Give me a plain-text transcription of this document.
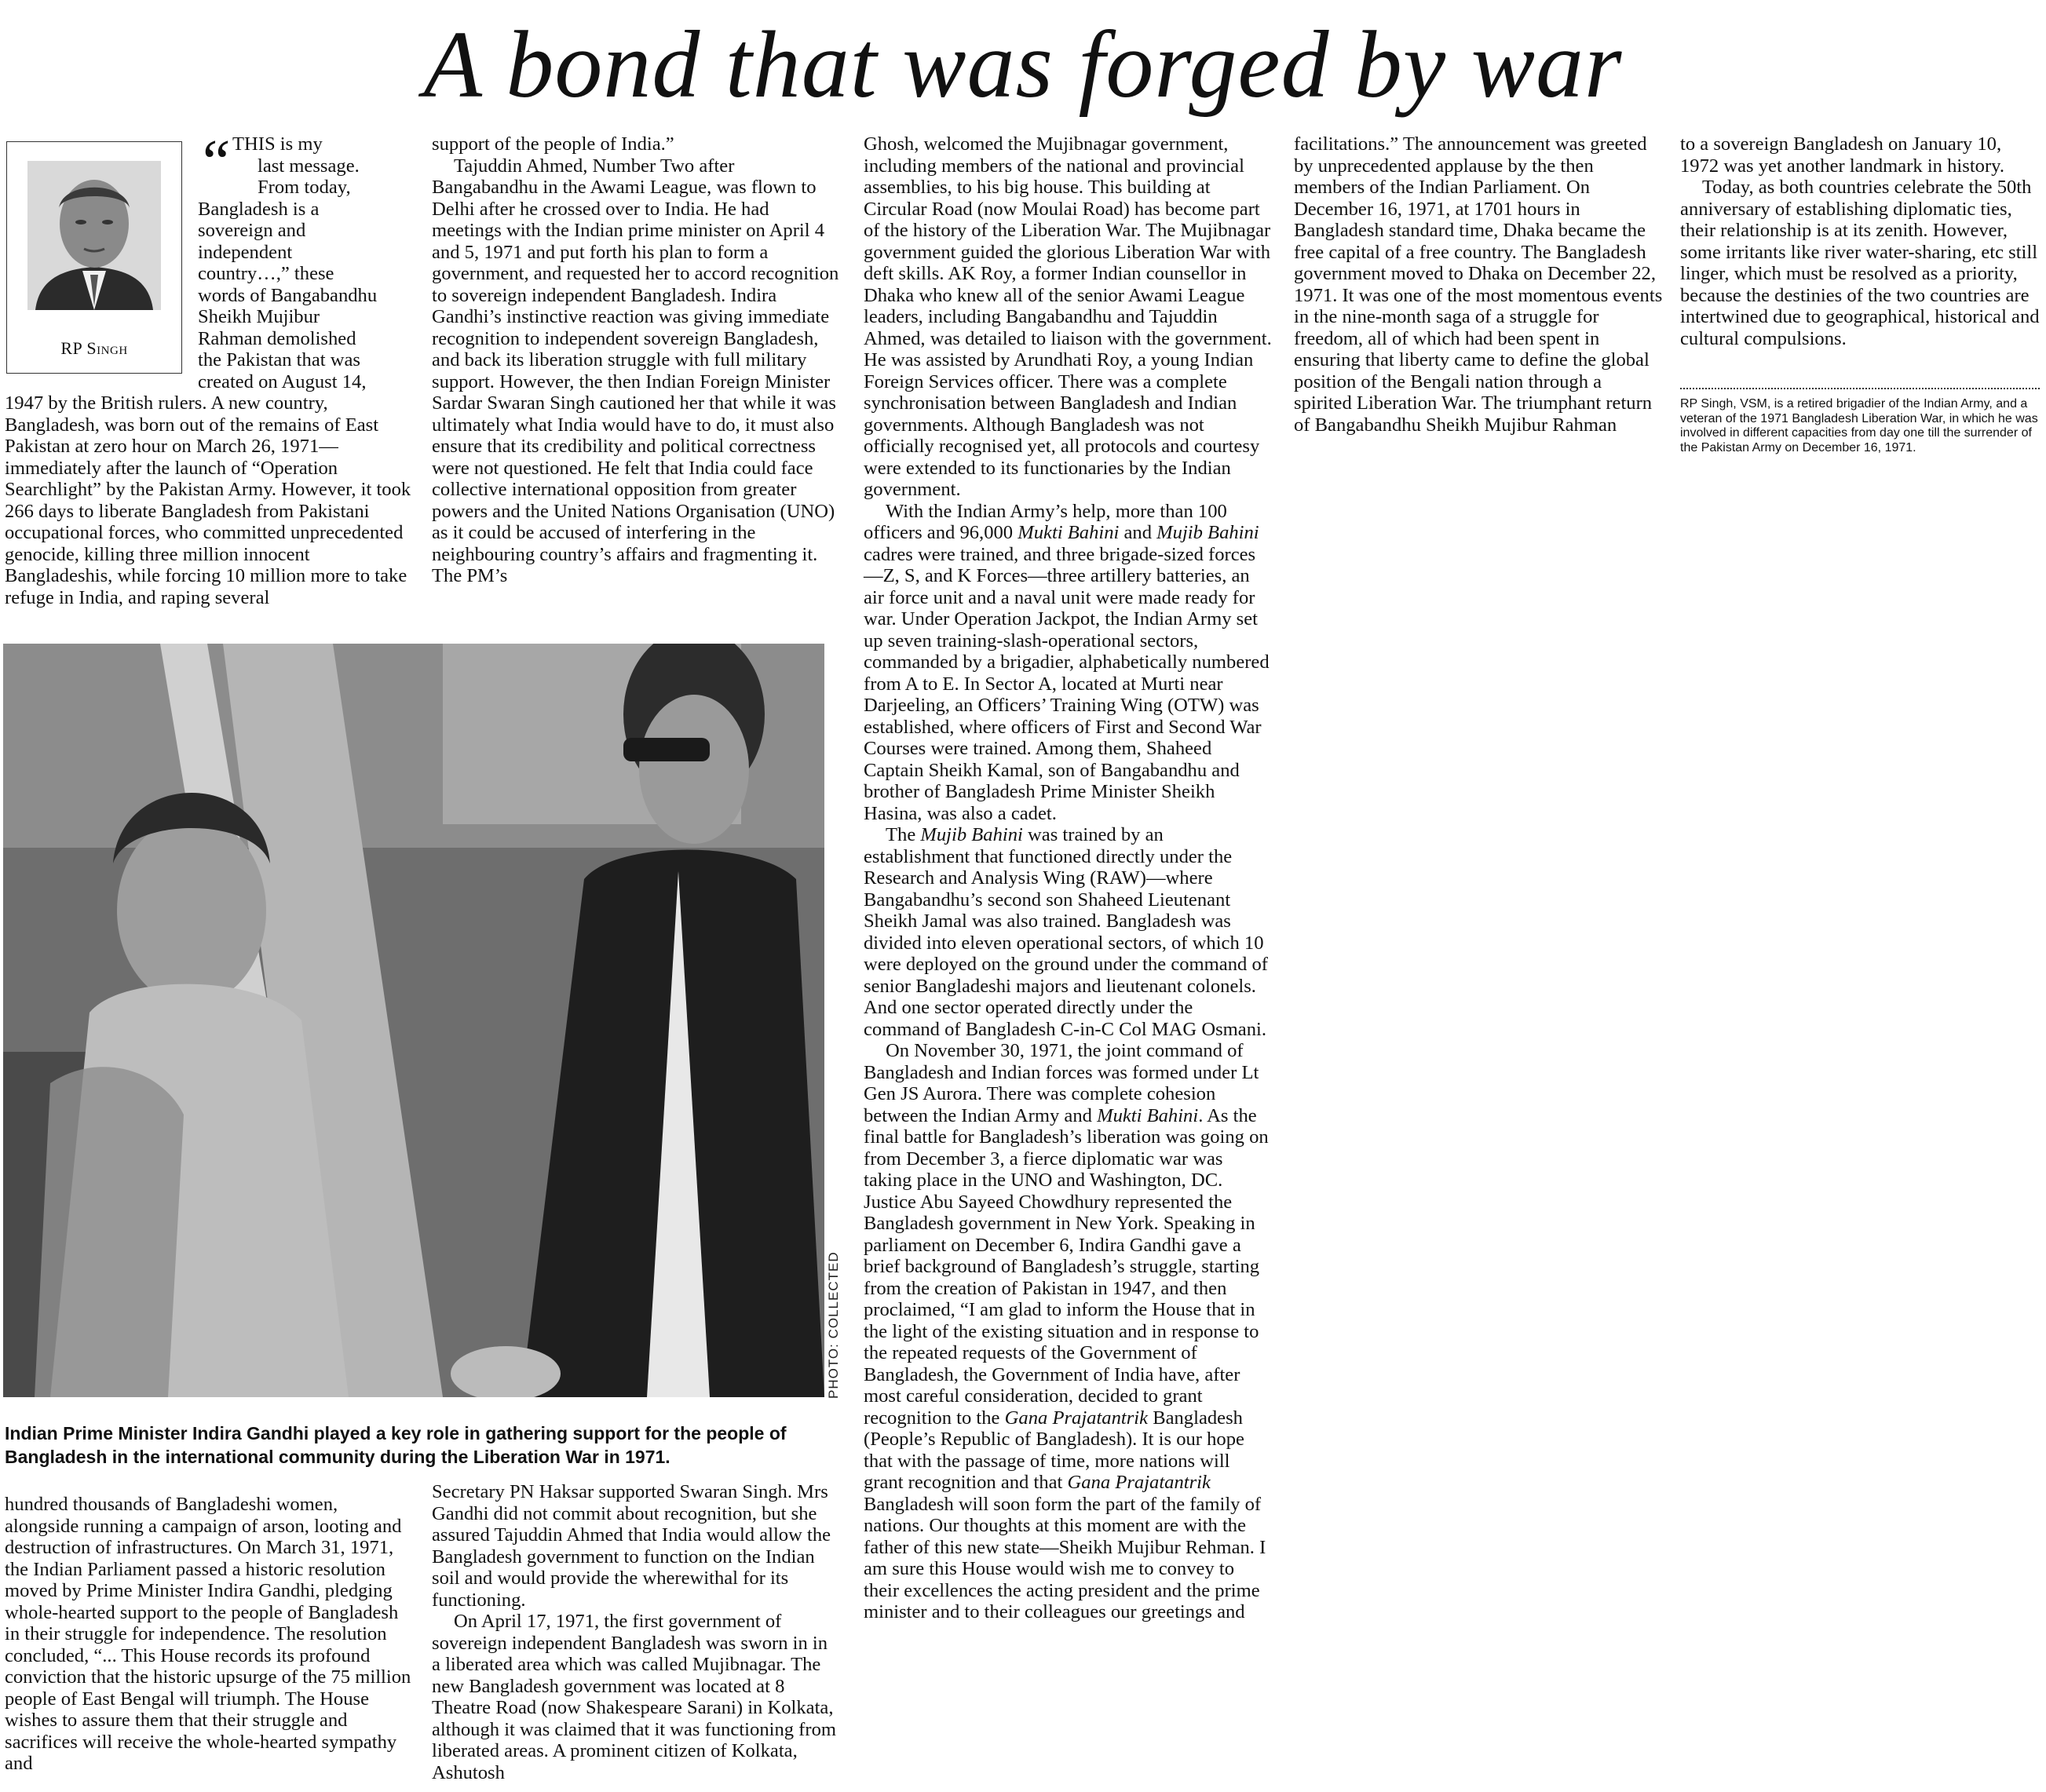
A bond that was forged by war
RP Singh
“ THIS is my

last message.

From today,

Bangladesh is a

sovereign and

independent

country…,” these

words of Bangabandhu

Sheikh Mujibur

Rahman demolished

the Pakistan that was

created on August 14,

1947 by the British rulers. A new country, Bangladesh, was born out of the remains of East Pakistan at zero hour on March 26, 1971—immediately after the launch of “Operation Searchlight” by the Pakistan Army. However, it took 266 days to liberate Bangladesh from Pakistani occupational forces, who committed unprecedented genocide, killing three million innocent Bangladeshis, while forcing 10 million more to take refuge in India, and raping several

support of the people of India.”

Tajuddin Ahmed, Number Two after Bangabandhu in the Awami League, was flown to Delhi after he crossed over to India. He had meetings with the Indian prime minister on April 4 and 5, 1971 and put forth his plan to form a government, and requested her to accord recognition to sovereign independent Bangladesh. Indira Gandhi’s instinctive reaction was giving immediate recognition to independent sovereign Bangladesh, and back its liberation struggle with full military support. However, the then Indian Foreign Minister Sardar Swaran Singh cautioned her that while it was ultimately what India would have to do, it must also ensure that its credibility and political correctness were not questioned. He felt that India could face collective international opposition from greater powers and the United Nations Organisation (UNO) as it could be accused of interfering in the neighbouring country’s affairs and fragmenting it. The PM’s

PHOTO: COLLECTED

Indian Prime Minister Indira Gandhi played a key role in gathering support for the people of Bangladesh in the international community during the Liberation War in 1971.

hundred thousands of Bangladeshi women, alongside running a campaign of arson, looting and destruction of infrastructures. On March 31, 1971, the Indian Parliament passed a historic resolution moved by Prime Minister Indira Gandhi, pledging whole-hearted support to the people of Bangladesh in their struggle for independence. The resolution concluded, “... This House records its profound conviction that the historic upsurge of the 75 million people of East Bengal will triumph. The House wishes to assure them that their struggle and sacrifices will receive the whole-hearted sympathy and

Secretary PN Haksar supported Swaran Singh. Mrs Gandhi did not commit about recognition, but she assured Tajuddin Ahmed that India would allow the Bangladesh government to function on the Indian soil and would provide the wherewithal for its functioning.

On April 17, 1971, the first government of sovereign independent Bangladesh was sworn in in a liberated area which was called Mujibnagar. The new Bangladesh government was located at 8 Theatre Road (now Shakespeare Sarani) in Kolkata, although it was claimed that it was functioning from liberated areas. A prominent citizen of Kolkata, Ashutosh

Ghosh, welcomed the Mujibnagar government, including members of the national and provincial assemblies, to his big house. This building at Circular Road (now Moulai Road) has become part of the history of the Liberation War. The Mujibnagar government guided the glorious Liberation War with deft skills. AK Roy, a former Indian counsellor in Dhaka who knew all of the senior Awami League leaders, including Bangabandhu and Tajuddin Ahmed, was detailed to liaison with the government. He was assisted by Arundhati Roy, a young Indian Foreign Services officer. There was a complete synchronisation between Bangladesh and Indian governments. Although Bangladesh was not officially recognised yet, all protocols and courtesy were extended to its functionaries by the Indian government.

With the Indian Army’s help, more than 100 officers and 96,000 Mukti Bahini and Mujib Bahini cadres were trained, and three brigade-sized forces—Z, S, and K Forces—three artillery batteries, an air force unit and a naval unit were made ready for war. Under Operation Jackpot, the Indian Army set up seven training-slash-operational sectors, commanded by a brigadier, alphabetically numbered from A to E. In Sector A, located at Murti near Darjeeling, an Officers’ Training Wing (OTW) was established, where officers of First and Second War Courses were trained. Among them, Shaheed Captain Sheikh Kamal, son of Bangabandhu and brother of Bangladesh Prime Minister Sheikh Hasina, was also a cadet.

The Mujib Bahini was trained by an establishment that functioned directly under the Research and Analysis Wing (RAW)—where Bangabandhu’s second son Shaheed Lieutenant Sheikh Jamal was also trained. Bangladesh was divided into eleven operational sectors, of which 10 were deployed on the ground under the command of senior Bangladeshi majors and lieutenant colonels. And one sector operated directly under the command of Bangladesh C-in-C Col MAG Osmani.

On November 30, 1971, the joint command of Bangladesh and Indian forces was formed under Lt Gen JS Aurora. There was complete cohesion between the Indian Army and Mukti Bahini. As the final battle for Bangladesh’s liberation was going on from December 3, a fierce diplomatic war was taking place in the UNO and Washington, DC. Justice Abu Sayeed Chowdhury represented the Bangladesh government in New York. Speaking in parliament on December 6, Indira Gandhi gave a brief background of Bangladesh’s struggle, starting from the creation of Pakistan in 1947, and then proclaimed, “I am glad to inform the House that in the light of the existing situation and in response to the repeated requests of the Government of Bangladesh, the Government of India have, after most careful consideration, decided to grant recognition to the Gana Prajatantrik Bangladesh (People’s Republic of Bangladesh). It is our hope that with the passage of time, more nations will grant recognition and that Gana Prajatantrik Bangladesh will soon form the part of the family of nations. Our thoughts at this moment are with the father of this new state—Sheikh Mujibur Rehman. I am sure this House would wish me to convey to their excellences the acting president and the prime minister and to their colleagues our greetings and

facilitations.” The announcement was greeted by unprecedented applause by the then members of the Indian Parliament. On December 16, 1971, at 1701 hours in Bangladesh standard time, Dhaka became the free capital of a free country. The Bangladesh government moved to Dhaka on December 22, 1971. It was one of the most momentous events in the nine-month saga of a struggle for freedom, all of which had been spent in ensuring that liberty came to define the global position of the Bengali nation through a spirited Liberation War. The triumphant return of Bangabandhu Sheikh Mujibur Rahman

to a sovereign Bangladesh on January 10, 1972 was yet another landmark in history.

Today, as both countries celebrate the 50th anniversary of establishing diplomatic ties, their relationship is at its zenith. However, some irritants like river water-sharing, etc still linger, which must be resolved as a priority, because the destinies of the two countries are intertwined due to geographical, historical and cultural compulsions.

RP Singh, VSM, is a retired brigadier of the Indian Army, and a veteran of the 1971 Bangladesh Liberation War, in which he was involved in different capacities from day one till the surrender of the Pakistan Army on December 16, 1971.
